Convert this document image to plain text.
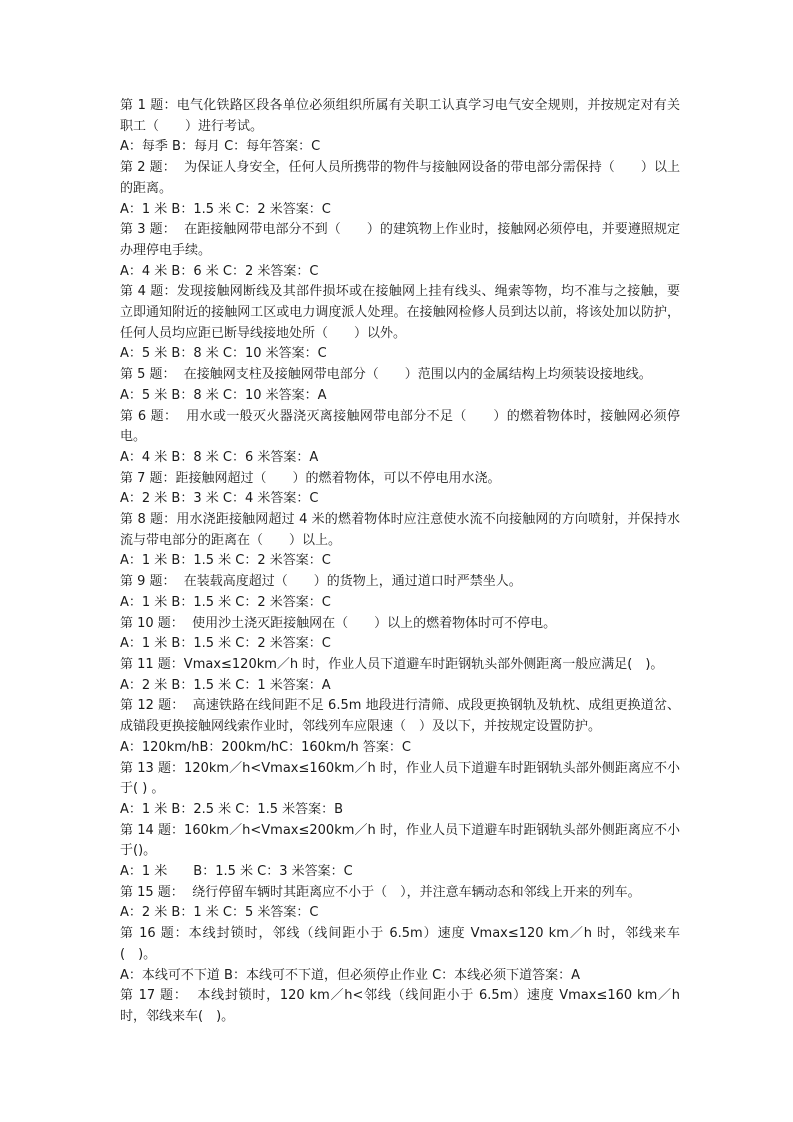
第 1 题：电气化铁路区段各单位必须组织所属有关职工认真学习电气安全规则，并按规定对有关职工（　　）进行考试。

A：每季 B：每月 C：每年答案：C

第 2 题：  为保证人身安全，任何人员所携带的物件与接触网设备的带电部分需保持（　　）以上的距离。

A：1 米 B：1.5 米 C：2 米答案：C

第 3 题：  在距接触网带电部分不到（　　）的建筑物上作业时，接触网必须停电，并要遵照规定办理停电手续。

A：4 米 B：6 米 C：2 米答案：C

第 4 题：发现接触网断线及其部件损坏或在接触网上挂有线头、绳索等物，均不准与之接触，要立即通知附近的接触网工区或电力调度派人处理。在接触网检修人员到达以前，将该处加以防护，任何人员均应距已断导线接地处所（　　）以外。

A：5 米 B：8 米 C：10 米答案：C

第 5 题：  在接触网支柱及接触网带电部分（　　）范围以内的金属结构上均须装设接地线。

A：5 米 B：8 米 C：10 米答案：A

第 6 题：  用水或一般灭火器浇灭离接触网带电部分不足（　　）的燃着物体时，接触网必须停电。

A：4 米 B：8 米 C：6 米答案：A

第 7 题：距接触网超过（　　）的燃着物体，可以不停电用水浇。

A：2 米 B：3 米 C：4 米答案：C

第 8 题：用水浇距接触网超过 4 米的燃着物体时应注意使水流不向接触网的方向喷射，并保持水流与带电部分的距离在（　　）以上。

A：1 米 B：1.5 米 C：2 米答案：C

第 9 题：  在装载高度超过（　　）的货物上，通过道口时严禁坐人。

A：1 米 B：1.5 米 C：2 米答案：C

第 10 题：  使用沙土浇灭距接触网在（　　）以上的燃着物体时可不停电。

A：1 米 B：1.5 米 C：2 米答案：C

第 11 题：Vmax≤120km／h 时，作业人员下道避车时距钢轨头部外侧距离一般应满足(　)。

A：2 米 B：1.5 米 C：1 米答案：A

第 12 题：  高速铁路在线间距不足 6.5m 地段进行清筛、成段更换钢轨及轨枕、成组更换道岔、成锚段更换接触网线索作业时，邻线列车应限速（　）及以下，并按规定设置防护。

A：120km/hB：200km/hC：160km/h 答案：C

第 13 题：120km／h<Vmax≤160km／h 时，作业人员下道避车时距钢轨头部外侧距离应不小于( ) 。

A：1 米 B：2.5 米 C：1.5 米答案：B

第 14 题：160km／h<Vmax≤200km／h 时，作业人员下道避车时距钢轨头部外侧距离应不小于()。

A：1 米　　B：1.5 米 C：3 米答案：C

第 15 题：  绕行停留车辆时其距离应不小于（　），并注意车辆动态和邻线上开来的列车。

A：2 米 B：1 米 C：5 米答案：C

第 16 题：本线封锁时，邻线（线间距小于 6.5m）速度 Vmax≤120 km／h 时，邻线来车(　)。

A：本线可不下道 B：本线可不下道，但必须停止作业 C：本线必须下道答案：A

第 17 题：  本线封锁时，120 km／h<邻线（线间距小于 6.5m）速度 Vmax≤160 km／h 时，邻线来车(　)。
